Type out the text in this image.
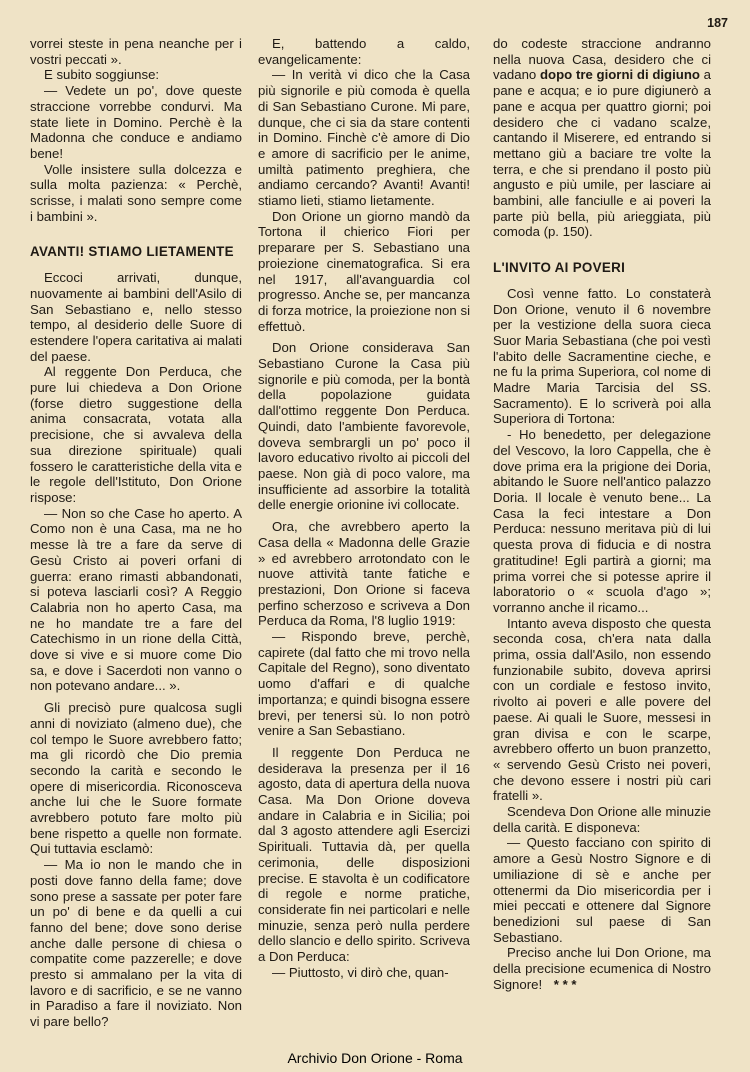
187

vorrei steste in pena neanche per i vostri peccati ».

E subito soggiunse:

— Vedete un po', dove queste straccione vorrebbe condurvi. Ma state liete in Domino. Perchè è la Madonna che conduce e andiamo bene!

Volle insistere sulla dolcezza e sulla molta pazienza: « Perchè, scrisse, i malati sono sempre come i bambini ».

AVANTI! STIAMO LIETAMENTE

Eccoci arrivati, dunque, nuovamente ai bambini dell'Asilo di San Sebastiano e, nello stesso tempo, al desiderio delle Suore di estendere l'opera caritativa ai malati del paese.

Al reggente Don Perduca, che pure lui chiedeva a Don Orione (forse dietro suggestione della anima consacrata, votata alla precisione, che si avvaleva della sua direzione spirituale) quali fossero le caratteristiche della vita e le regole dell'Istituto, Don Orione rispose:

— Non so che Case ho aperto. A Como non è una Casa, ma ne ho messe là tre a fare da serve di Gesù Cristo ai poveri orfani di guerra: erano rimasti abbandonati, si poteva lasciarli così? A Reggio Calabria non ho aperto Casa, ma ne ho mandate tre a fare del Catechismo in un rione della Città, dove si vive e si muore come Dio sa, e dove i Sacerdoti non vanno o non potevano andare... ».

Gli precisò pure qualcosa sugli anni di noviziato (almeno due), che col tempo le Suore avrebbero fatto; ma gli ricordò che Dio premia secondo la carità e secondo le opere di misericordia. Riconosceva anche lui che le Suore formate avrebbero potuto fare molto più bene rispetto a quelle non formate. Qui tuttavia esclamò:

— Ma io non le mando che in posti dove fanno della fame; dove sono prese a sassate per poter fare un po' di bene e da quelli a cui fanno del bene; dove sono derise anche dalle persone di chiesa o compatite come pazzerelle; e dove presto si ammalano per la vita di lavoro e di sacrificio, e se ne vanno in Paradiso a fare il noviziato. Non vi pare bello?

E, battendo a caldo, evangelicamente:

— In verità vi dico che la Casa più signorile e più comoda è quella di San Sebastiano Curone. Mi pare, dunque, che ci sia da stare contenti in Domino. Finchè c'è amore di Dio e amore di sacrificio per le anime, umiltà patimento preghiera, che andiamo cercando? Avanti! Avanti! stiamo lieti, stiamo lietamente.

Don Orione un giorno mandò da Tortona il chierico Fiori per preparare per S. Sebastiano una proiezione cinematografica. Si era nel 1917, all'avanguardia col progresso. Anche se, per mancanza di forza motrice, la proiezione non si effettuò.

Don Orione considerava San Sebastiano Curone la Casa più signorile e più comoda, per la bontà della popolazione guidata dall'ottimo reggente Don Perduca. Quindi, dato l'ambiente favorevole, doveva sembrargli un po' poco il lavoro educativo rivolto ai piccoli del paese. Non già di poco valore, ma insufficiente ad assorbire la totalità delle energie orionine ivi collocate.

Ora, che avrebbero aperto la Casa della « Madonna delle Grazie » ed avrebbero arrotondato con le nuove attività tante fatiche e prestazioni, Don Orione si faceva perfino scherzoso e scriveva a Don Perduca da Roma, l'8 luglio 1919:

— Rispondo breve, perchè, capirete (dal fatto che mi trovo nella Capitale del Regno), sono diventato uomo d'affari e di qualche importanza; e quindi bisogna essere brevi, per tenersi sù. Io non potrò venire a San Sebastiano.

Il reggente Don Perduca ne desiderava la presenza per il 16 agosto, data di apertura della nuova Casa. Ma Don Orione doveva andare in Calabria e in Sicilia; poi dal 3 agosto attendere agli Esercizi Spirituali. Tuttavia dà, per quella cerimonia, delle disposizioni precise. E stavolta è un codificatore di regole e norme pratiche, considerate fin nei particolari e nelle minuzie, senza però nulla perdere dello slancio e dello spirito. Scriveva a Don Perduca:

— Piuttosto, vi dirò che, quan-

do codeste straccione andranno nella nuova Casa, desidero che ci vadano dopo tre giorni di digiuno a pane e acqua; e io pure digiunerò a pane e acqua per quattro giorni; poi desidero che ci vadano scalze, cantando il Miserere, ed entrando si mettano giù a baciare tre volte la terra, e che si prendano il posto più angusto e più umile, per lasciare ai bambini, alle fanciulle e ai poveri la parte più bella, più arieggiata, più comoda (p. 150).

L'INVITO AI POVERI

Così venne fatto. Lo constaterà Don Orione, venuto il 6 novembre per la vestizione della suora cieca Suor Maria Sebastiana (che poi vestì l'abito delle Sacramentine cieche, e ne fu la prima Superiora, col nome di Madre Maria Tarcisia del SS. Sacramento). E lo scriverà poi alla Superiora di Tortona:

- Ho benedetto, per delegazione del Vescovo, la loro Cappella, che è dove prima era la prigione dei Doria, abitando le Suore nell'antico palazzo Doria. Il locale è venuto bene... La Casa la feci intestare a Don Perduca: nessuno meritava più di lui questa prova di fiducia e di nostra gratitudine! Egli partirà a giorni; ma prima vorrei che si potesse aprire il laboratorio o « scuola d'ago »; vorranno anche il ricamo...

Intanto aveva disposto che questa seconda cosa, ch'era nata dalla prima, ossia dall'Asilo, non essendo funzionabile subito, doveva aprirsi con un cordiale e festoso invito, rivolto ai poveri e alle povere del paese. Ai quali le Suore, messesi in gran divisa e con le scarpe, avrebbero offerto un buon pranzetto, « servendo Gesù Cristo nei poveri, che devono essere i nostri più cari fratelli ».

Scendeva Don Orione alle minuzie della carità. E disponeva:

— Questo facciano con spirito di amore a Gesù Nostro Signore e di umiliazione di sè e anche per ottenermi da Dio misericordia per i miei peccati e ottenere dal Signore benedizioni sul paese di San Sebastiano.

Preciso anche lui Don Orione, ma della precisione ecumenica di Nostro Signore! * * *

Archivio Don Orione - Roma
